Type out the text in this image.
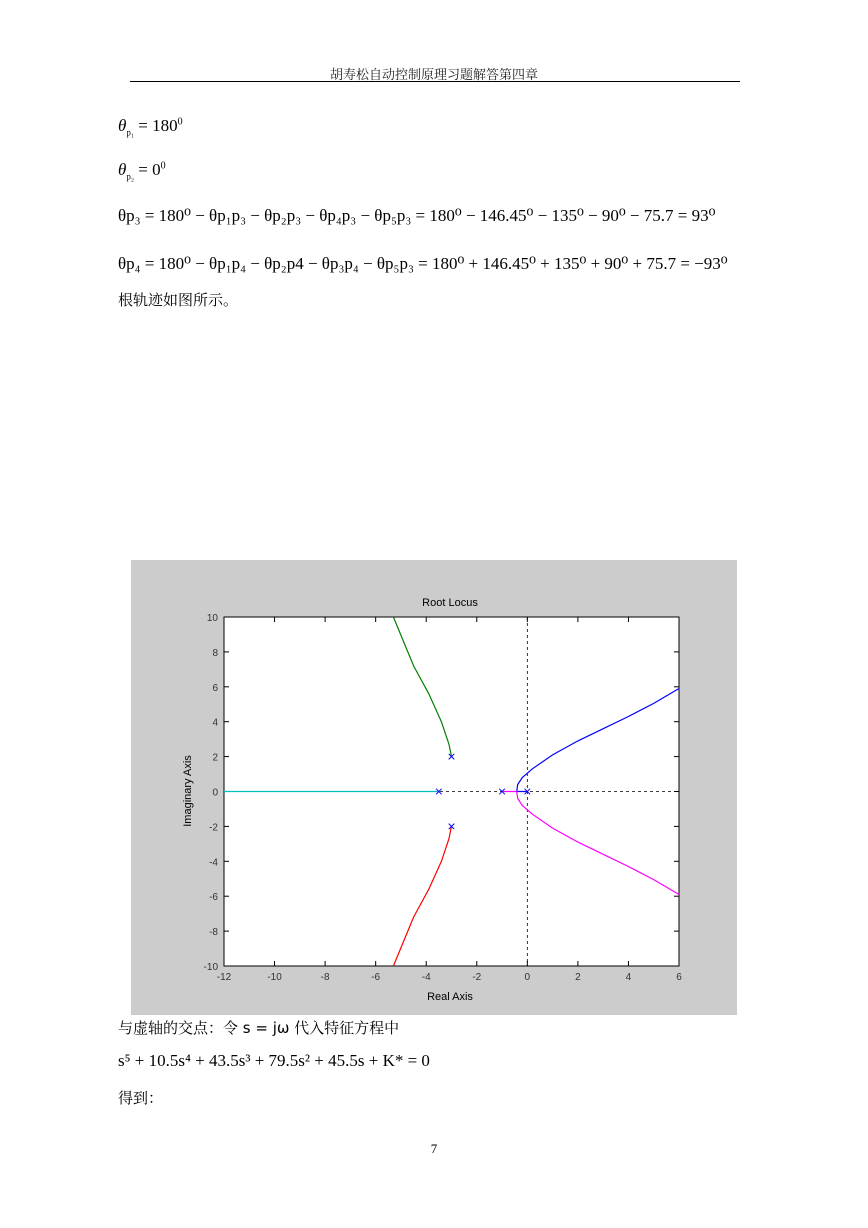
胡寿松自动控制原理习题解答第四章
$\theta_{p_1} = 180^0$
$\theta_{p_2} = 0^0$
θp₃ = 180⁰ − θp₁p₃ − θp₂p₃ − θp₄p₃ − θp₅p₃ = 180⁰ − 146.45⁰ − 135⁰ − 90⁰ − 75.7 = 93⁰
θp₄ = 180⁰ − θp₁p₄ − θp₂p4 − θp₃p₄ − θp₅p₃ = 180⁰ + 146.45⁰ + 135⁰ + 90⁰ + 75.7 = −93⁰
根轨迹如图所示。
Root Locus
Real Axis
Imaginary Axis
-12	-10	-8	-6	-4	-2	0	2	4	6
-10
-8
-6
-4
-2
0
2
4
6
8
10
与虚轴的交点：令 s = jω 代入特征方程中
s⁵ + 10.5s⁴ + 43.5s³ + 79.5s² + 45.5s + K* = 0
得到：
7
